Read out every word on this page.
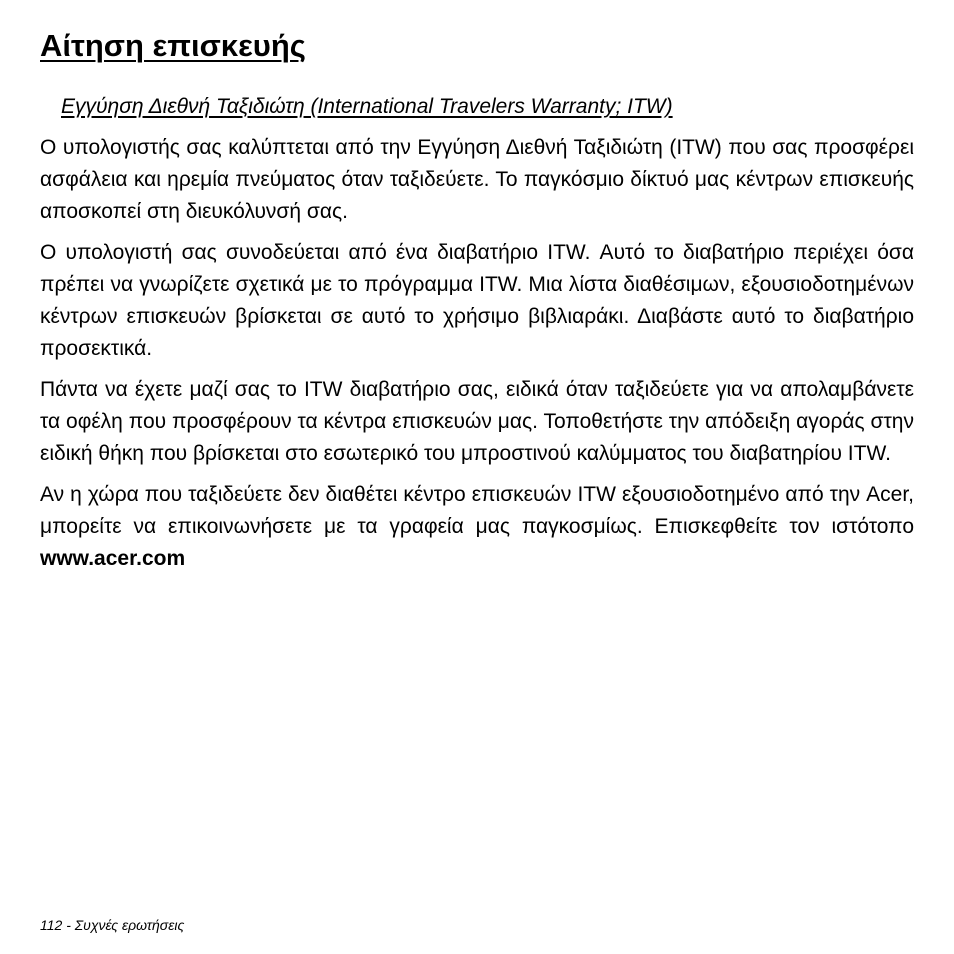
Αίτηση επισκευής
Εγγύηση Διεθνή Ταξιδιώτη (International Travelers Warranty; ITW)

Ο υπολογιστής σας καλύπτεται από την Εγγύηση Διεθνή Ταξιδιώτη (ITW) που σας προσφέρει ασφάλεια και ηρεμία πνεύματος όταν ταξιδεύετε. Το παγκόσμιο δίκτυό μας κέντρων επισκευής αποσκοπεί στη διευκόλυνσή σας.

Ο υπολογιστή σας συνοδεύεται από ένα διαβατήριο ITW. Αυτό το διαβατήριο περιέχει όσα πρέπει να γνωρίζετε σχετικά με το πρόγραμμα ITW. Μια λίστα διαθέσιμων, εξουσιοδοτημένων κέντρων επισκευών βρίσκεται σε αυτό το χρήσιμο βιβλιαράκι. Διαβάστε αυτό το διαβατήριο προσεκτικά.

Πάντα να έχετε μαζί σας το ITW διαβατήριο σας, ειδικά όταν ταξιδεύετε για να απολαμβάνετε τα οφέλη που προσφέρουν τα κέντρα επισκευών μας. Τοποθετήστε την απόδειξη αγοράς στην ειδική θήκη που βρίσκεται στο εσωτερικό του μπροστινού καλύμματος του διαβατηρίου ITW.

Αν η χώρα που ταξιδεύετε δεν διαθέτει κέντρο επισκευών ITW εξουσιοδοτημένο από την Acer, μπορείτε να επικοινωνήσετε με τα γραφεία μας παγκοσμίως. Επισκεφθείτε τον ιστότοπο www.acer.com

112 - Συχνές ερωτήσεις
